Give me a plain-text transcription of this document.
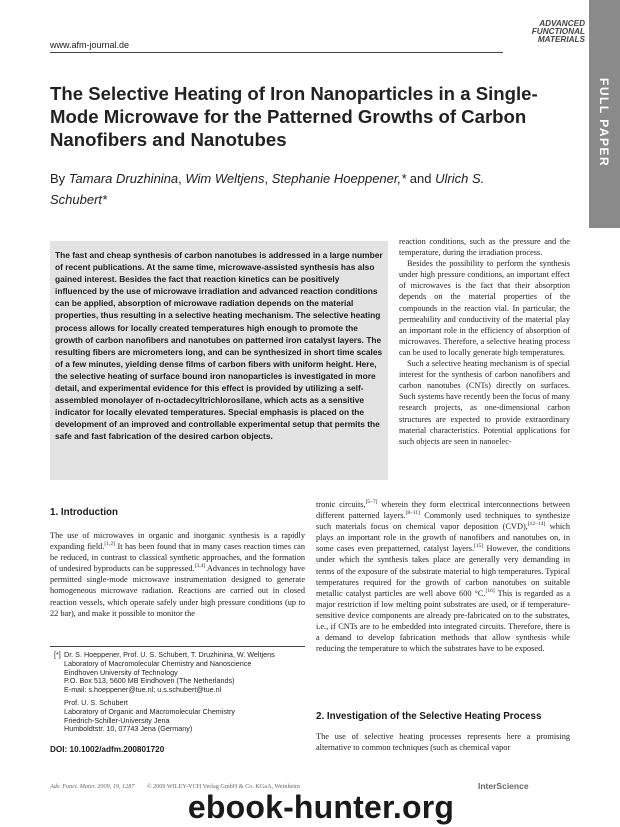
www.afm-journal.de
ADVANCED
FUNCTIONAL
MATERIALS
FULL PAPER
The Selective Heating of Iron Nanoparticles in a Single-Mode Microwave for the Patterned Growths of Carbon Nanofibers and Nanotubes
By Tamara Druzhinina, Wim Weltjens, Stephanie Hoeppener,* and Ulrich S. Schubert*
The fast and cheap synthesis of carbon nanotubes is addressed in a large number of recent publications. At the same time, microwave-assisted synthesis has also gained interest. Besides the fact that reaction kinetics can be positively influenced by the use of microwave irradiation and advanced reaction conditions can be applied, absorption of microwave radiation depends on the material properties, thus resulting in a selective heating mechanism. The selective heating process allows for locally created temperatures high enough to promote the growth of carbon nanofibers and nanotubes on patterned iron catalyst layers. The resulting fibers are micrometers long, and can be synthesized in short time scales of a few minutes, yielding dense films of carbon fibers with uniform height. Here, the selective heating of surface bound iron nanoparticles is investigated in more detail, and experimental evidence for this effect is provided by utilizing a self-assembled monolayer of n-octadecyltrichlorosilane, which acts as a sensitive indicator for locally elevated temperatures. Special emphasis is placed on the development of an improved and controllable experimental setup that permits the safe and fast fabrication of the desired carbon objects.

reaction conditions, such as the pressure and the temperature, during the irradiation process.

Besides the possibility to perform the synthesis under high pressure conditions, an important effect of microwaves is the fact that their absorption depends on the material properties of the compounds in the reaction vial. In particular, the permeability and conductivity of the material play an important role in the efficiency of absorption of microwaves. Therefore, a selective heating process can be used to locally generate high temperatures.

Such a selective heating mechanism is of special interest for the synthesis of carbon nanofibers and carbon nanotubes (CNTs) directly on surfaces. Such systems have recently been the focus of many research projects, as one-dimensional carbon structures are expected to provide extraordinary material characteristics. Potential applications for such objects are seen in nanoelec-

tronic circuits,[5–7] wherein they form electrical interconnections between different patterned layers.[8–11] Commonly used techniques to synthesize such materials focus on chemical vapor deposition (CVD),[12–14] which plays an important role in the growth of nanofibers and nanotubes on, in some cases even prepatterned, catalyst layers.[15] However, the conditions under which the synthesis takes place are generally very demanding in terms of the exposure of the substrate material to high temperatures. Typical temperatures required for the growth of carbon nanotubes on suitable metallic catalyst particles are well above 600 °C.[16] This is regarded as a major restriction if low melting point substrates are used, or if temperature-sensitive device components are already pre-fabricated on to the substrates, i.e., if CNTs are to be embedded into integrated circuits. Therefore, there is a demand to develop fabrication methods that allow synthesis while reducing the temperature to which the substrates have to be exposed.

1. Introduction

The use of microwaves in organic and inorganic synthesis is a rapidly expanding field.[1,2] It has been found that in many cases reaction times can be reduced, in contrast to classical synthetic approaches, and the formation of undesired byproducts can be suppressed.[3,4] Advances in technology have permitted single-mode microwave instrumentation designed to generate homogeneous microwave radiation. Reactions are carried out in closed reaction vessels, which operate safely under high pressure conditions (up to 22 bar), and make it possible to monitor the

[*] Dr. S. Hoeppener, Prof. U. S. Schubert, T. Druzhinina, W. Weltjens
Laboratory of Macromolecular Chemistry and Nanoscience
Eindhoven University of Technology
P.O. Box 513, 5600 MB Eindhoven (The Netherlands)
E-mail: s.hoeppener@tue.nl; u.s.schubert@tue.nl
Prof. U. S. Schubert
Laboratory of Organic and Macromolecular Chemistry
Friedrich-Schiller-University Jena
Humboldtstr. 10, 07743 Jena (Germany)
DOI: 10.1002/adfm.200801720
2. Investigation of the Selective Heating Process

The use of selective heating processes represents here a promising alternative to common techniques (such as chemical vapor

Adv. Funct. Mater. 2009, 19, 1287 © 2009 WILEY-VCH Verlag GmbH & Co. KGaA, Weinheim	InterScience
ebook-hunter.org
